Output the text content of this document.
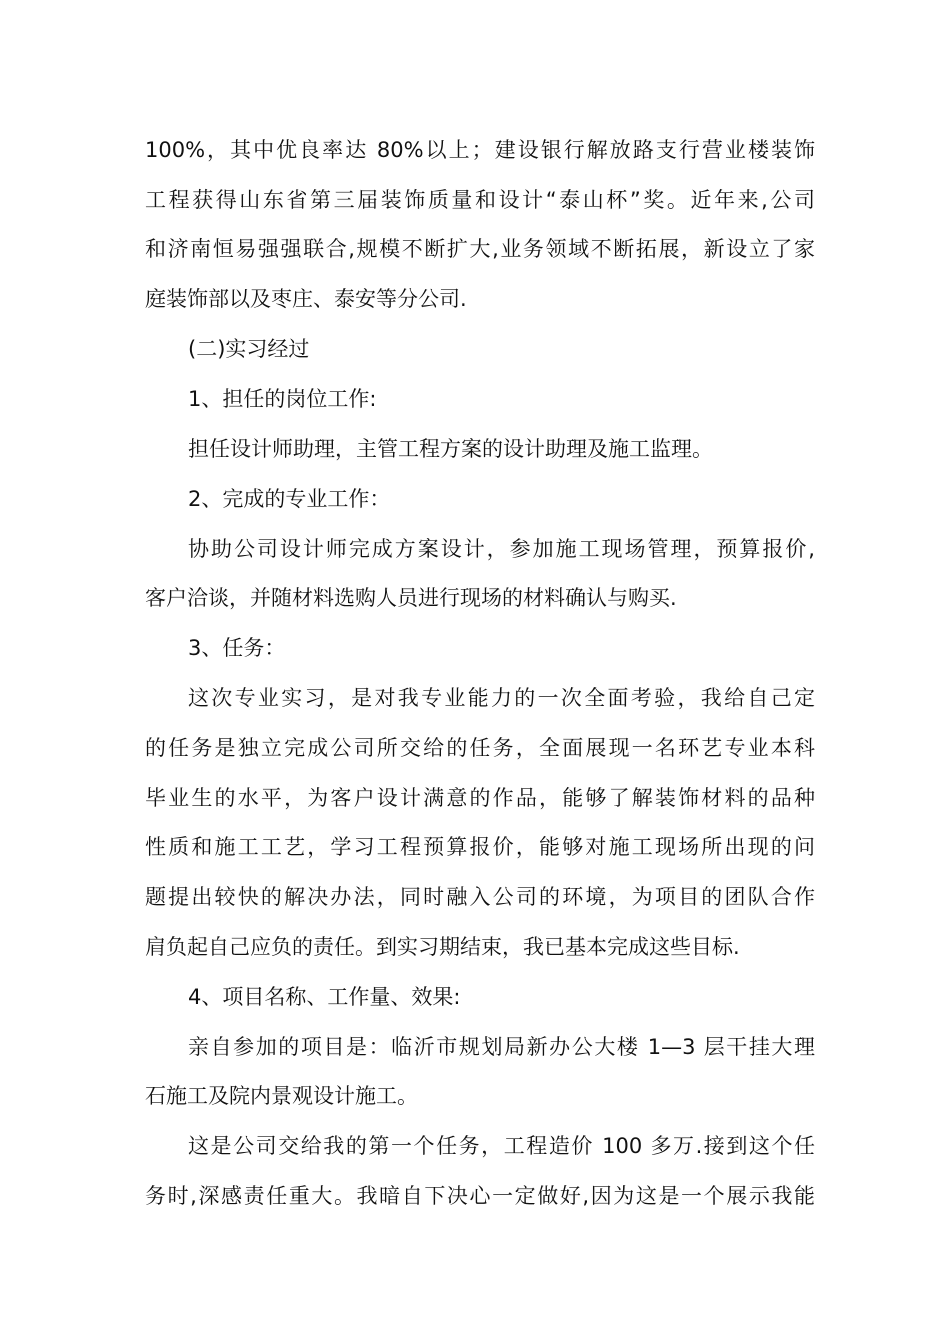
100%，其中优良率达 80%以上；建设银行解放路支行营业楼装饰
工程获得山东省第三届装饰质量和设计“泰山杯”奖。近年来,公司
和济南恒易强强联合,规模不断扩大,业务领域不断拓展，新设立了家
庭装饰部以及枣庄、泰安等分公司.
(二)实习经过
1、担任的岗位工作:
担任设计师助理，主管工程方案的设计助理及施工监理。
2、完成的专业工作：
协助公司设计师完成方案设计，参加施工现场管理，预算报价,
客户洽谈，并随材料选购人员进行现场的材料确认与购买.
3、任务：
这次专业实习，是对我专业能力的一次全面考验，我给自己定
的任务是独立完成公司所交给的任务，全面展现一名环艺专业本科
毕业生的水平，为客户设计满意的作品，能够了解装饰材料的品种
性质和施工工艺，学习工程预算报价，能够对施工现场所出现的问
题提出较快的解决办法，同时融入公司的环境，为项目的团队合作
肩负起自己应负的责任。到实习期结束，我已基本完成这些目标.
4、项目名称、工作量、效果:
亲自参加的项目是：临沂市规划局新办公大楼 1—3 层干挂大理
石施工及院内景观设计施工。
这是公司交给我的第一个任务，工程造价 100 多万.接到这个任
务时,深感责任重大。我暗自下决心一定做好,因为这是一个展示我能
